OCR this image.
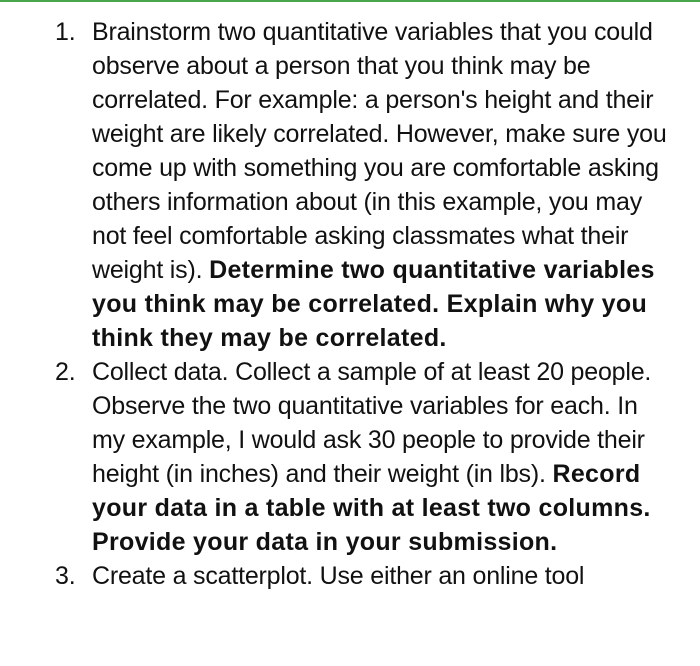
1. Brainstorm two quantitative variables that you could observe about a person that you think may be correlated. For example: a person's height and their weight are likely correlated. However, make sure you come up with something you are comfortable asking others information about (in this example, you may not feel comfortable asking classmates what their weight is). Determine two quantitative variables you think may be correlated. Explain why you think they may be correlated.
2. Collect data. Collect a sample of at least 20 people. Observe the two quantitative variables for each. In my example, I would ask 30 people to provide their height (in inches) and their weight (in lbs). Record your data in a table with at least two columns. Provide your data in your submission.
3. Create a scatterplot. Use either an online tool
